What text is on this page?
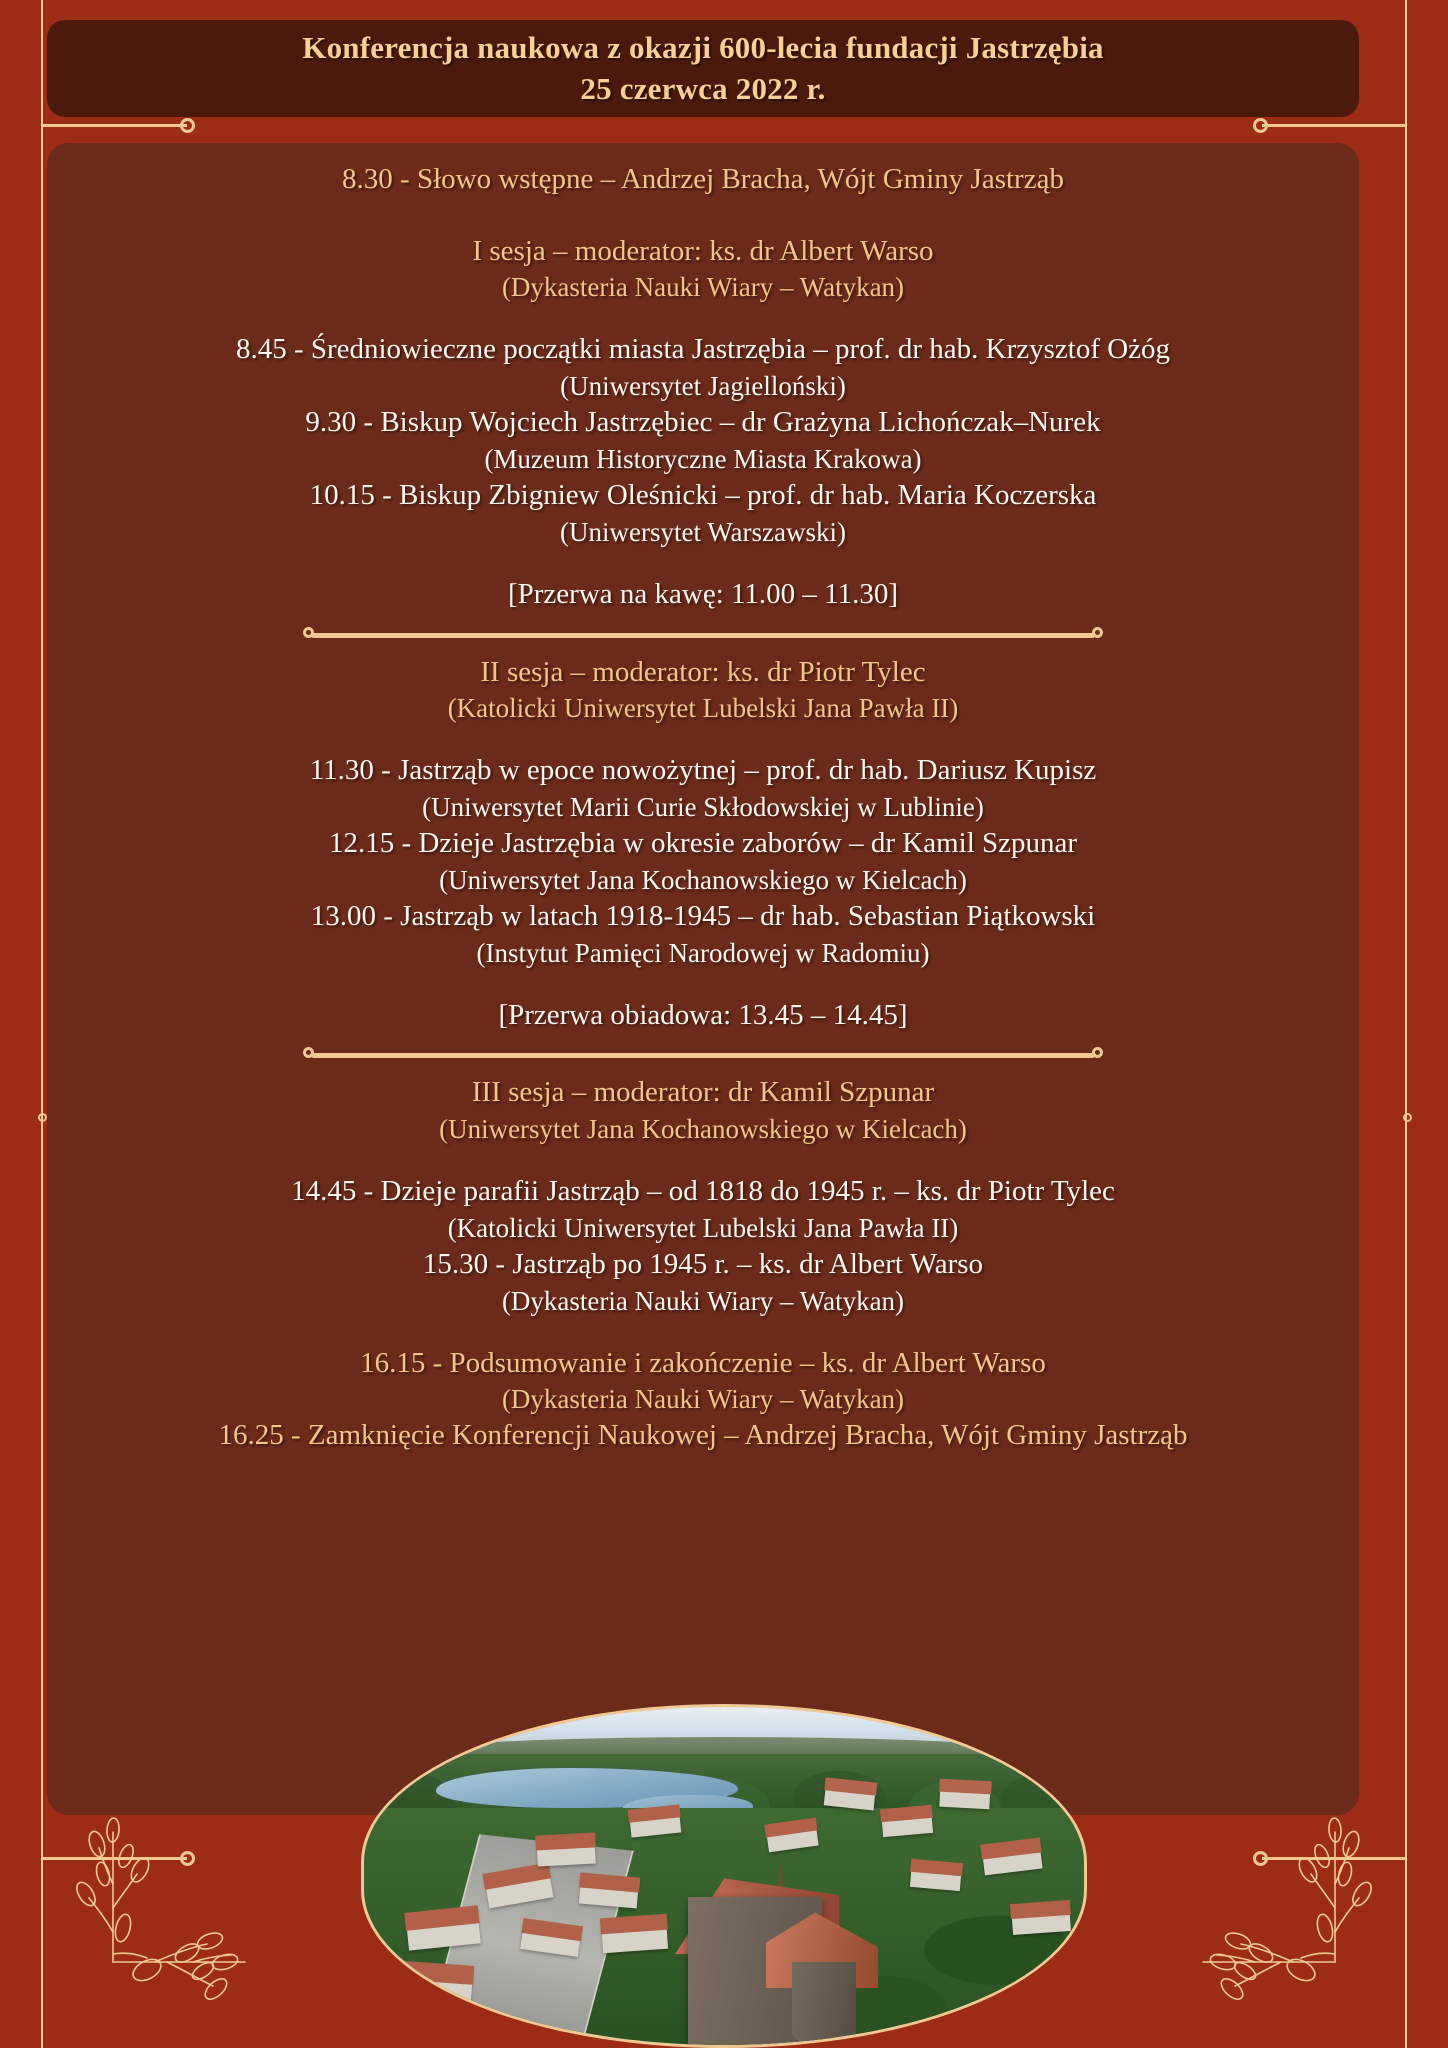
Konferencja naukowa z okazji 600-lecia fundacji Jastrzębia
25 czerwca 2022 r.
8.30 - Słowo wstępne – Andrzej Bracha, Wójt Gminy Jastrząb
I sesja – moderator: ks. dr Albert Warso
(Dykasteria Nauki Wiary – Watykan)
8.45 - Średniowieczne początki miasta Jastrzębia – prof. dr hab. Krzysztof Ożóg
(Uniwersytet Jagielloński)
9.30 - Biskup Wojciech Jastrzębiec – dr Grażyna Lichończak–Nurek
(Muzeum Historyczne Miasta Krakowa)
10.15 - Biskup Zbigniew Oleśnicki – prof. dr hab. Maria Koczerska
(Uniwersytet Warszawski)
[Przerwa na kawę: 11.00 – 11.30]
II sesja – moderator: ks. dr Piotr Tylec
(Katolicki Uniwersytet Lubelski Jana Pawła II)
11.30 - Jastrząb w epoce nowożytnej – prof. dr hab. Dariusz Kupisz
(Uniwersytet Marii Curie Skłodowskiej w Lublinie)
12.15 - Dzieje Jastrzębia w okresie zaborów – dr Kamil Szpunar
(Uniwersytet Jana Kochanowskiego w Kielcach)
13.00 - Jastrząb w latach 1918-1945 – dr hab. Sebastian Piątkowski
(Instytut Pamięci Narodowej w Radomiu)
[Przerwa obiadowa: 13.45 – 14.45]
III sesja – moderator: dr Kamil Szpunar
(Uniwersytet Jana Kochanowskiego w Kielcach)
14.45 - Dzieje parafii Jastrząb – od 1818 do 1945 r. – ks. dr Piotr Tylec
(Katolicki Uniwersytet Lubelski Jana Pawła II)
15.30 - Jastrząb po 1945 r. – ks. dr Albert Warso
(Dykasteria Nauki Wiary – Watykan)
16.15 - Podsumowanie i zakończenie – ks. dr Albert Warso
(Dykasteria Nauki Wiary – Watykan)
16.25 - Zamknięcie Konferencji Naukowej – Andrzej Bracha, Wójt Gminy Jastrząb
